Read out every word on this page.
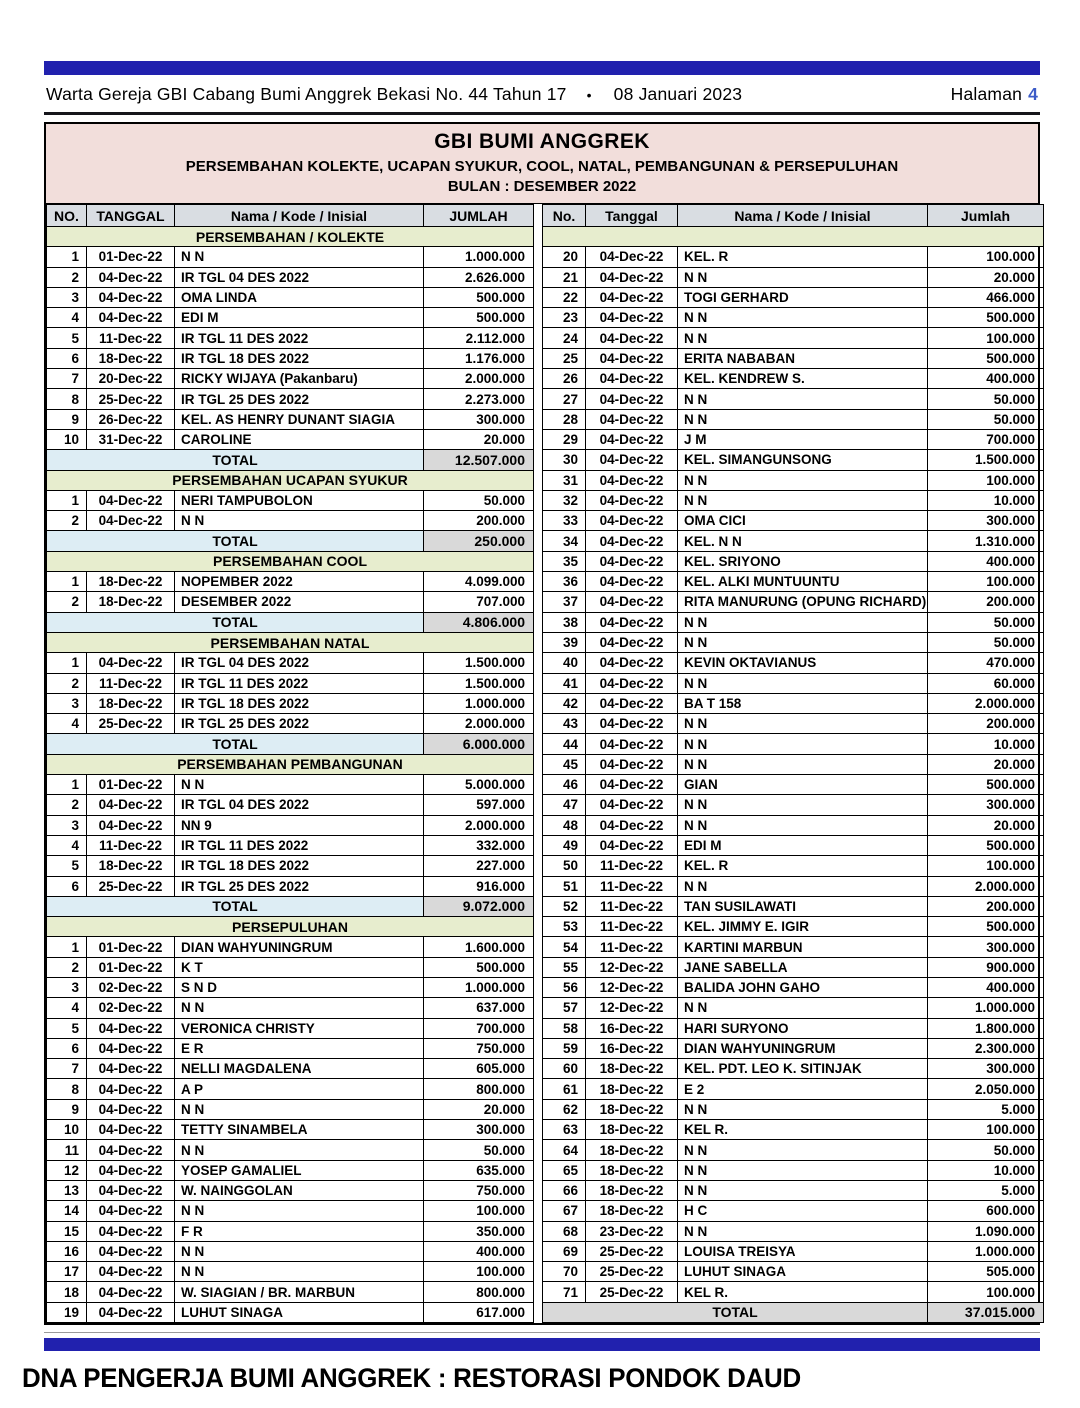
Warta Gereja GBI Cabang Bumi Anggrek Bekasi No. 44 Tahun 17 • 08 Januari 2023	Halaman 4
GBI BUMI ANGGREK
PERSEMBAHAN KOLEKTE, UCAPAN SYUKUR, COOL, NATAL, PEMBANGUNAN & PERSEPULUHAN
BULAN : DESEMBER 2022
NO.	TANGGAL	Nama / Kode / Inisial	JUMLAH
PERSEMBAHAN / KOLEKTE			
1	01-Dec-22	N N	1.000.000
2	04-Dec-22	IR TGL 04 DES 2022	2.626.000
3	04-Dec-22	OMA LINDA	500.000
4	04-Dec-22	EDI M	500.000
5	11-Dec-22	IR TGL 11 DES 2022	2.112.000
6	18-Dec-22	IR TGL 18 DES 2022	1.176.000
7	20-Dec-22	RICKY WIJAYA (Pakanbaru)	2.000.000
8	25-Dec-22	IR TGL 25 DES 2022	2.273.000
9	26-Dec-22	KEL. AS HENRY DUNANT SIAGIA	300.000
10	31-Dec-22	CAROLINE	20.000
TOTAL			12.507.000
PERSEMBAHAN UCAPAN SYUKUR			
1	04-Dec-22	NERI TAMPUBOLON	50.000
2	04-Dec-22	N N	200.000
TOTAL			250.000
PERSEMBAHAN COOL			
1	18-Dec-22	NOPEMBER 2022	4.099.000
2	18-Dec-22	DESEMBER 2022	707.000
TOTAL			4.806.000
PERSEMBAHAN NATAL			
1	04-Dec-22	IR TGL 04 DES 2022	1.500.000
2	11-Dec-22	IR TGL 11 DES 2022	1.500.000
3	18-Dec-22	IR TGL 18 DES 2022	1.000.000
4	25-Dec-22	IR TGL 25 DES 2022	2.000.000
TOTAL			6.000.000
PERSEMBAHAN PEMBANGUNAN			
1	01-Dec-22	N N	5.000.000
2	04-Dec-22	IR TGL 04 DES 2022	597.000
3	04-Dec-22	NN 9	2.000.000
4	11-Dec-22	IR TGL 11 DES 2022	332.000
5	18-Dec-22	IR TGL 18 DES 2022	227.000
6	25-Dec-22	IR TGL 25 DES 2022	916.000
TOTAL			9.072.000
PERSEPULUHAN			
1	01-Dec-22	DIAN WAHYUNINGRUM	1.600.000
2	01-Dec-22	K T	500.000
3	02-Dec-22	S N D	1.000.000
4	02-Dec-22	N N	637.000
5	04-Dec-22	VERONICA CHRISTY	700.000
6	04-Dec-22	E R	750.000
7	04-Dec-22	NELLI MAGDALENA	605.000
8	04-Dec-22	A P	800.000
9	04-Dec-22	N N	20.000
10	04-Dec-22	TETTY SINAMBELA	300.000
11	04-Dec-22	N N	50.000
12	04-Dec-22	YOSEP GAMALIEL	635.000
13	04-Dec-22	W. NAINGGOLAN	750.000
14	04-Dec-22	N N	100.000
15	04-Dec-22	F R	350.000
16	04-Dec-22	N N	400.000
17	04-Dec-22	N N	100.000
18	04-Dec-22	W. SIAGIAN / BR. MARBUN	800.000
19	04-Dec-22	LUHUT SINAGA	617.000
No.	Tanggal	Nama / Kode / Inisial	Jumlah

20	04-Dec-22	KEL. R	100.000
21	04-Dec-22	N N	20.000
22	04-Dec-22	TOGI GERHARD	466.000
23	04-Dec-22	N N	500.000
24	04-Dec-22	N N	100.000
25	04-Dec-22	ERITA NABABAN	500.000
26	04-Dec-22	KEL. KENDREW S.	400.000
27	04-Dec-22	N N	50.000
28	04-Dec-22	N N	50.000
29	04-Dec-22	J M	700.000
30	04-Dec-22	KEL. SIMANGUNSONG	1.500.000
31	04-Dec-22	N N	100.000
32	04-Dec-22	N N	10.000
33	04-Dec-22	OMA CICI	300.000
34	04-Dec-22	KEL. N N	1.310.000
35	04-Dec-22	KEL. SRIYONO	400.000
36	04-Dec-22	KEL. ALKI MUNTUUNTU	100.000
37	04-Dec-22	RITA MANURUNG (OPUNG RICHARD)	200.000
38	04-Dec-22	N N	50.000
39	04-Dec-22	N N	50.000
40	04-Dec-22	KEVIN OKTAVIANUS	470.000
41	04-Dec-22	N N	60.000
42	04-Dec-22	BA T 158	2.000.000
43	04-Dec-22	N N	200.000
44	04-Dec-22	N N	10.000
45	04-Dec-22	N N	20.000
46	04-Dec-22	GIAN	500.000
47	04-Dec-22	N N	300.000
48	04-Dec-22	N N	20.000
49	04-Dec-22	EDI M	500.000
50	11-Dec-22	KEL. R	100.000
51	11-Dec-22	N N	2.000.000
52	11-Dec-22	TAN SUSILAWATI	200.000
53	11-Dec-22	KEL. JIMMY E. IGIR	500.000
54	11-Dec-22	KARTINI MARBUN	300.000
55	12-Dec-22	JANE SABELLA	900.000
56	12-Dec-22	BALIDA JOHN GAHO	400.000
57	12-Dec-22	N N	1.000.000
58	16-Dec-22	HARI SURYONO	1.800.000
59	16-Dec-22	DIAN WAHYUNINGRUM	2.300.000
60	18-Dec-22	KEL. PDT. LEO K. SITINJAK	300.000
61	18-Dec-22	E 2	2.050.000
62	18-Dec-22	N N	5.000
63	18-Dec-22	KEL R.	100.000
64	18-Dec-22	N N	50.000
65	18-Dec-22	N N	10.000
66	18-Dec-22	N N	5.000
67	18-Dec-22	H C	600.000
68	23-Dec-22	N N	1.090.000
69	25-Dec-22	LOUISA TREISYA	1.000.000
70	25-Dec-22	LUHUT SINAGA	505.000
71	25-Dec-22	KEL R.	100.000
TOTAL			37.015.000
DNA PENGERJA BUMI ANGGREK : RESTORASI PONDOK DAUD
